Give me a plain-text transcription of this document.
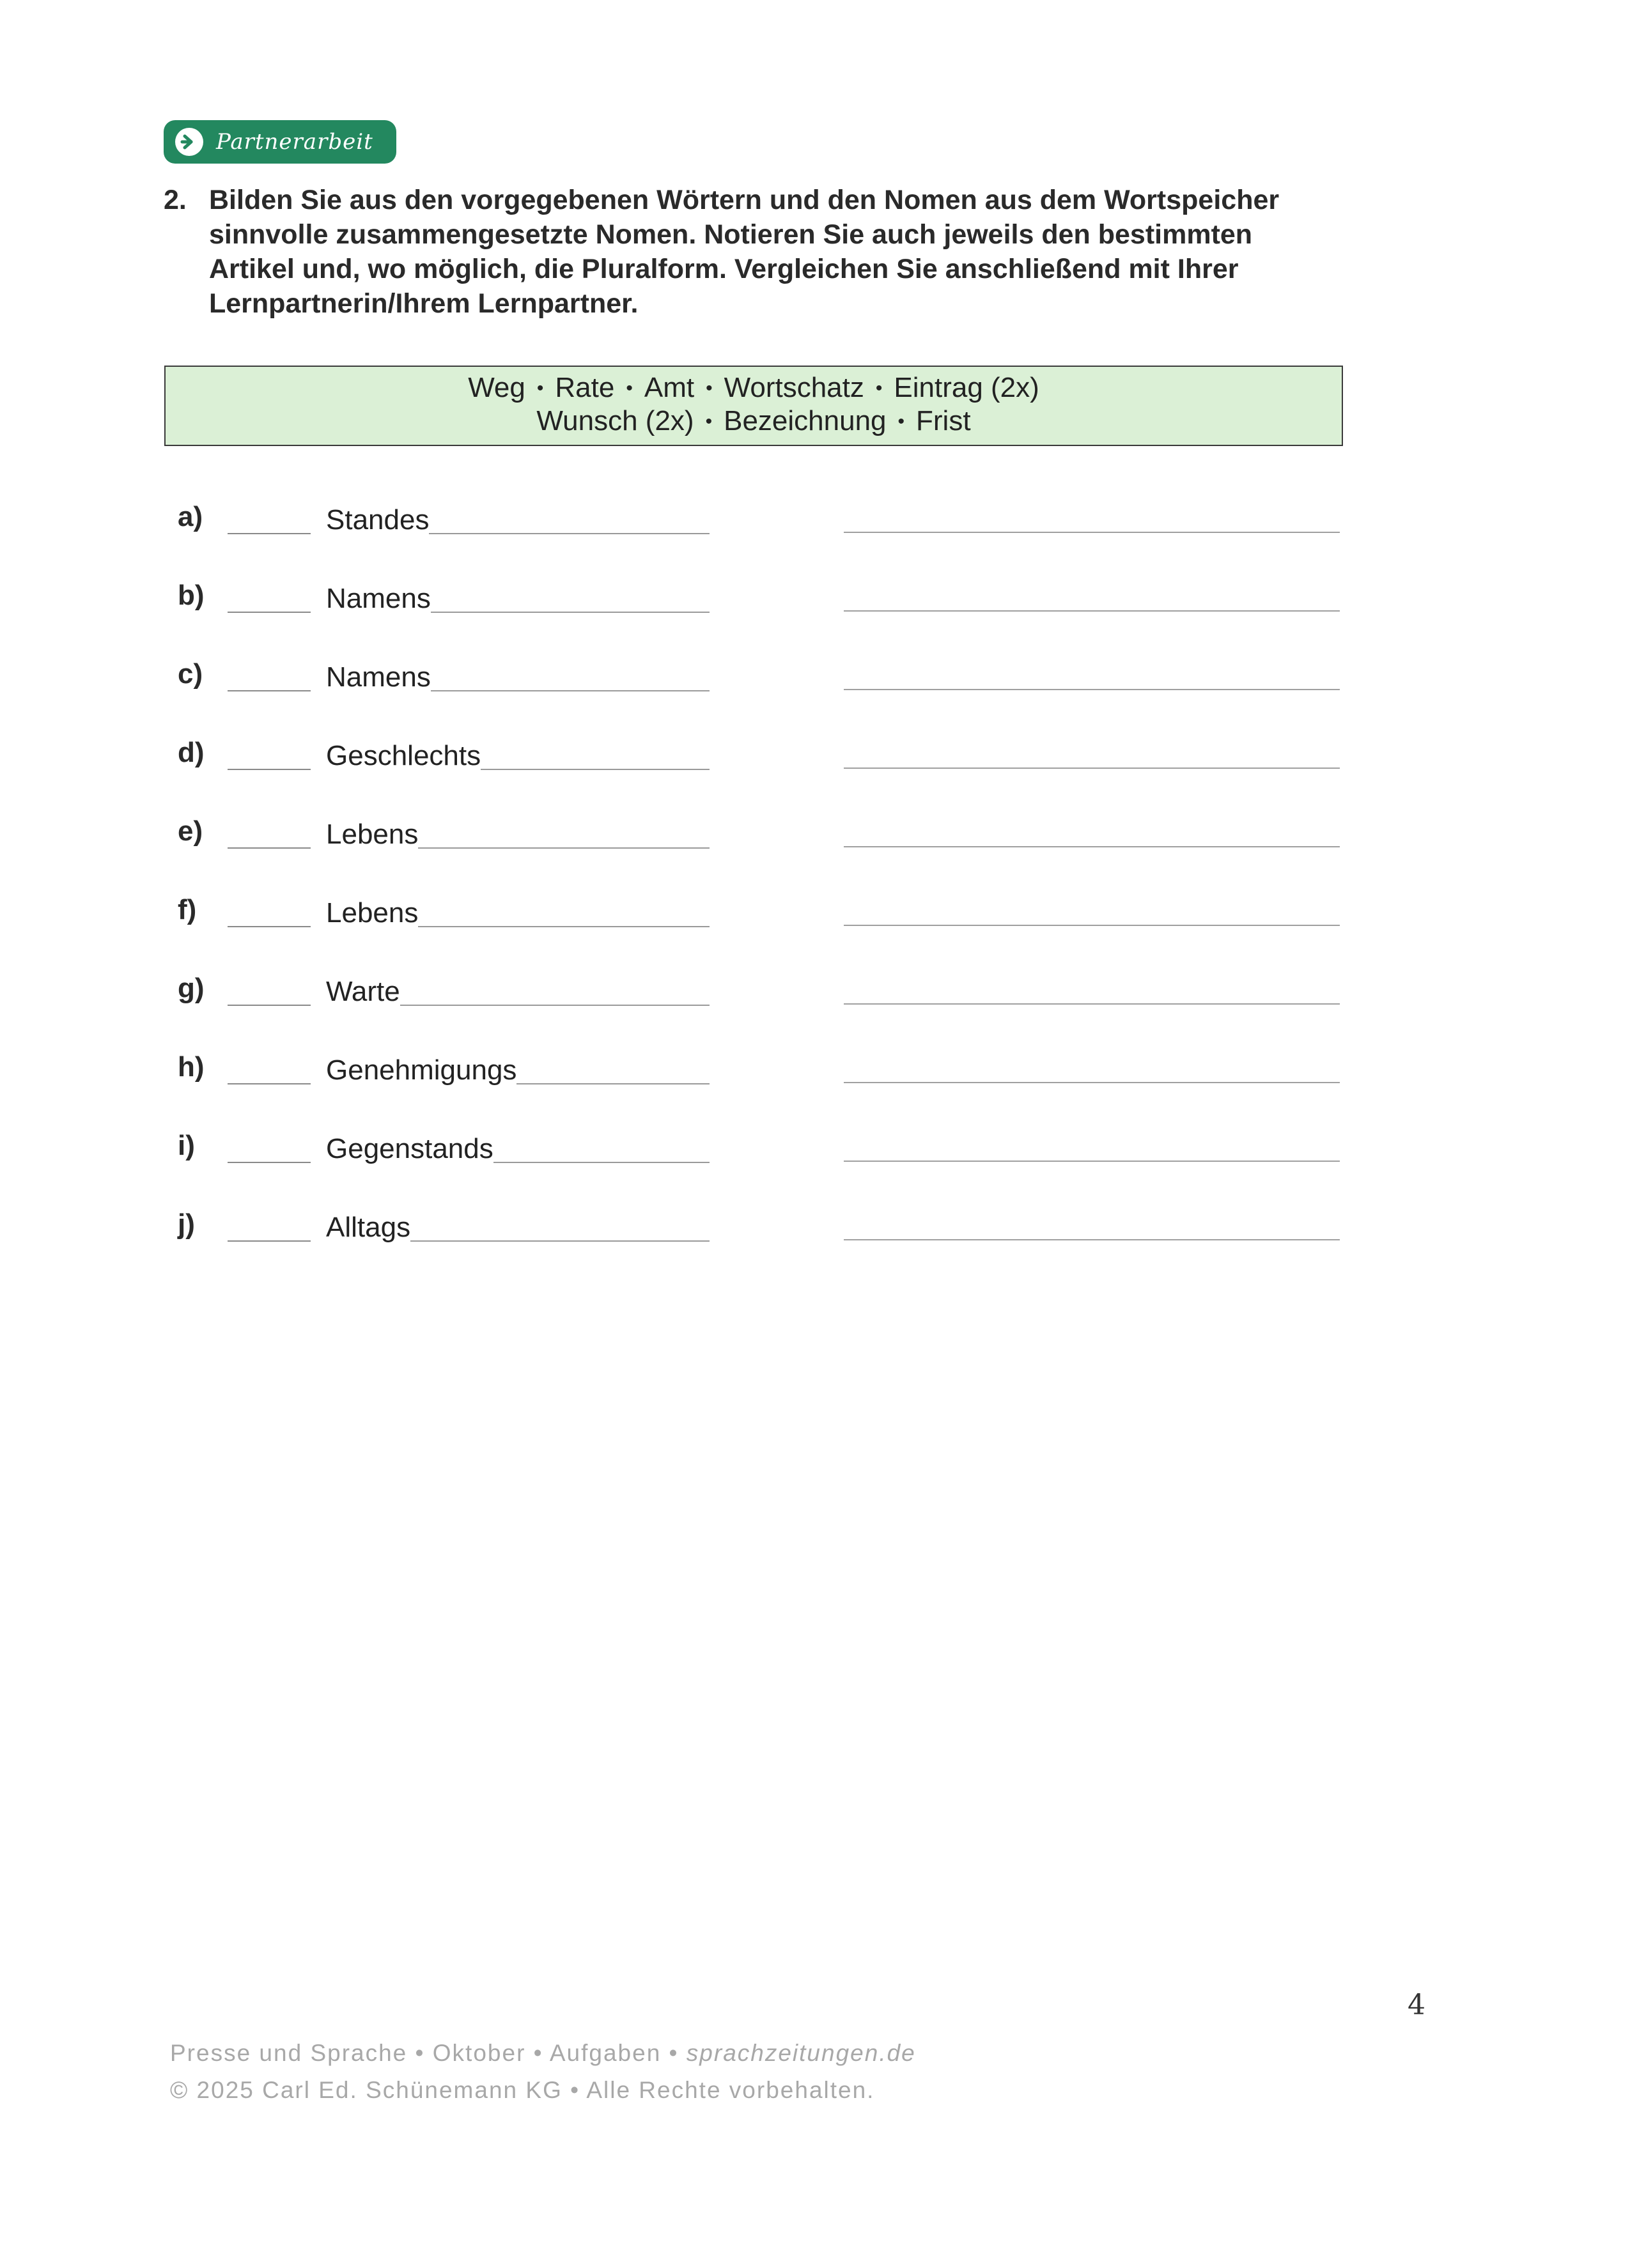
Partnerarbeit
2. Bilden Sie aus den vorgegebenen Wörtern und den Nomen aus dem Wortspeicher
sinnvolle zusammengesetzte Nomen. Notieren Sie auch jeweils den bestimmten
Artikel und, wo möglich, die Pluralform. Vergleichen Sie anschließend mit Ihrer
Lernpartnerin/Ihrem Lernpartner.
Weg • Rate • Amt • Wortschatz • Eintrag (2x)
Wunsch (2x) • Bezeichnung • Frist
a)	Standes
b)	Namens
c)	Namens
d)	Geschlechts
e)	Lebens
f)	Lebens
g)	Warte
h)	Genehmigungs
i)	Gegenstands
j)	Alltags
4
Presse und Sprache • Oktober • Aufgaben • sprachzeitungen.de
© 2025 Carl Ed. Schünemann KG • Alle Rechte vorbehalten.
